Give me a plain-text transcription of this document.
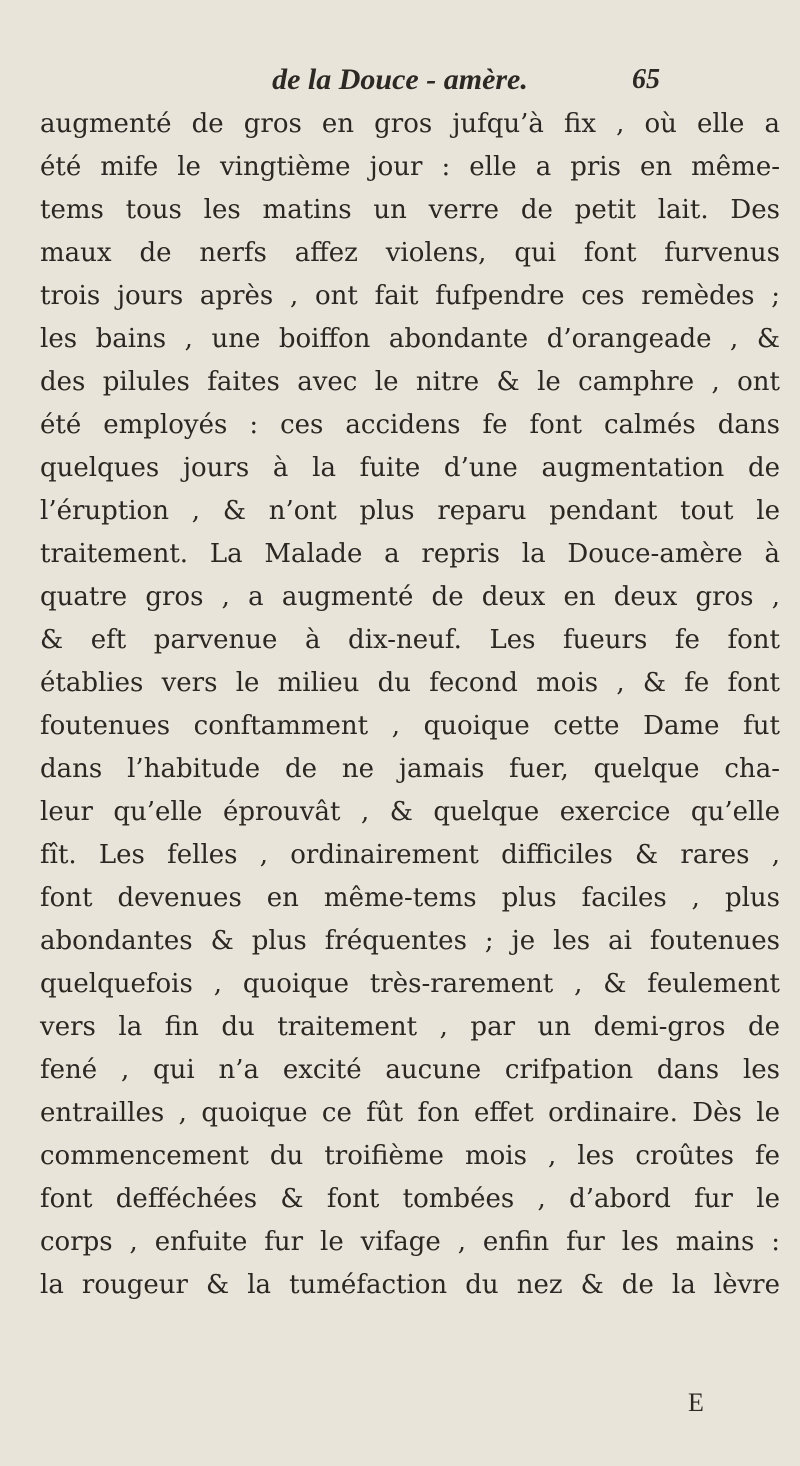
de la Douce - amère.	65
augmenté de gros en gros jufqu’à fix , où elle a
été mife le vingtième jour : elle a pris en même-
tems tous les matins un verre de petit lait. Des
maux de nerfs affez violens, qui font furvenus
trois jours après , ont fait fufpendre ces remèdes ;
les bains , une boiffon abondante d’orangeade , &
des pilules faites avec le nitre & le camphre , ont
été employés : ces accidens fe font calmés dans
quelques jours à la fuite d’une augmentation de
l’éruption , & n’ont plus reparu pendant tout le
traitement. La Malade a repris la Douce-amère à
quatre gros , a augmenté de deux en deux gros ,
& eft parvenue à dix-neuf. Les fueurs fe font
établies vers le milieu du fecond mois , & fe font
foutenues conftamment , quoique cette Dame fut
dans l’habitude de ne jamais fuer, quelque cha-
leur qu’elle éprouvât , & quelque exercice qu’elle
fît. Les felles , ordinairement difficiles & rares ,
font devenues en même-tems plus faciles , plus
abondantes & plus fréquentes ; je les ai foutenues
quelquefois , quoique très-rarement , & feulement
vers la fin du traitement , par un demi-gros de
fené , qui n’a excité aucune crifpation dans les
entrailles , quoique ce fût fon effet ordinaire. Dès le
commencement du troifième mois , les croûtes fe
font defféchées & font tombées , d’abord fur le
corps , enfuite fur le vifage , enfin fur les mains :
la rougeur & la tuméfaction du nez & de la lèvre
E
